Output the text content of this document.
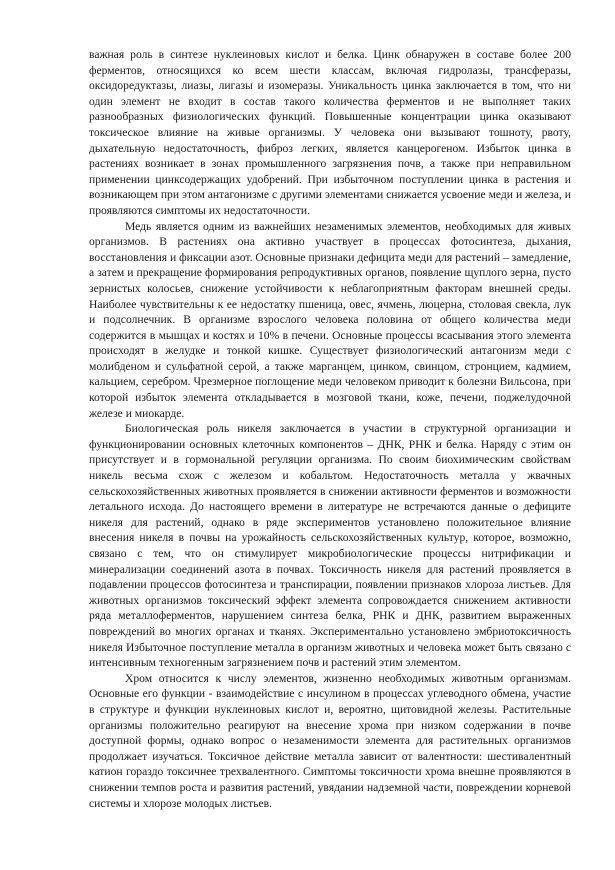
важная роль в синтезе нуклеиновых кислот и белка. Цинк обнаружен в составе более 200 ферментов, относящихся ко всем шести классам, включая гидролазы, трансферазы, оксидоредуктазы, лиазы, лигазы и изомеразы. Уникальность цинка заключается в том, что ни один элемент не входит в состав такого количества ферментов и не выполняет таких разнообразных физиологических функций. Повышенные концентрации цинка оказывают токсическое влияние на живые организмы. У человека они вызывают тошноту, рвоту, дыхательную недостаточность, фиброз легких, является канцерогеном. Избыток цинка в растениях возникает в зонах промышленного загрязнения почв, а также при неправильном применении цинксодержащих удобрений. При избыточном поступлении цинка в растения и возникающем при этом антагонизме с другими элементами снижается усвоение меди и железа, и проявляются симптомы их недостаточности.

Медь является одним из важнейших незаменимых элементов, необходимых для живых организмов. В растениях она активно участвует в процессах фотосинтеза, дыхания, восстановления и фиксации азот. Основные признаки дефицита меди для растений – замедление, а затем и прекращение формирования репродуктивных органов, появление щуплого зерна, пусто зернистых колосьев, снижение устойчивости к неблагоприятным факторам внешней среды. Наиболее чувствительны к ее недостатку пшеница, овес, ячмень, люцерна, столовая свекла, лук и подсолнечник. В организме взрослого человека половина от общего количества меди содержится в мышцах и костях и 10% в печени. Основные процессы всасывания этого элемента происходят в желудке и тонкой кишке. Существует физиологический антагонизм меди с молибденом и сульфатной серой, а также марганцем, цинком, свинцом, стронцием, кадмием, кальцием, серебром. Чрезмерное поглощение меди человеком приводит к болезни Вильсона, при которой избыток элемента откладывается в мозговой ткани, коже, печени, поджелудочной железе и миокарде.

Биологическая роль никеля заключается в участии в структурной организации и функционировании основных клеточных компонентов – ДНК, РНК и белка. Наряду с этим он присутствует и в гормональной регуляции организма. По своим биохимическим свойствам никель весьма схож с железом и кобальтом. Недостаточность металла у жвачных сельскохозяйственных животных проявляется в снижении активности ферментов и возможности летального исхода. До настоящего времени в литературе не встречаются данные о дефиците никеля для растений, однако в ряде экспериментов установлено положительное влияние внесения никеля в почвы на урожайность сельскохозяйственных культур, которое, возможно, связано с тем, что он стимулирует микробиологические процессы нитрификации и минерализации соединений азота в почвах. Токсичность никеля для растений проявляется в подавлении процессов фотосинтеза и транспирации, появлении признаков хлороза листьев. Для животных организмов токсический эффект элемента сопровождается снижением активности ряда металлоферментов, нарушением синтеза белка, РНК и ДНК, развитием выраженных повреждений во многих органах и тканях. Экспериментально установлено эмбриотоксичность никеля Избыточное поступление металла в организм животных и человека может быть связано с интенсивным техногенным загрязнением почв и растений этим элементом.

Хром относится к числу элементов, жизненно необходимых животным организмам. Основные его функции - взаимодействие с инсулином в процессах углеводного обмена, участие в структуре и функции нуклеиновых кислот и, вероятно, щитовидной железы. Растительные организмы положительно реагируют на внесение хрома при низком содержании в почве доступной формы, однако вопрос о незаменимости элемента для растительных организмов продолжает изучаться. Токсичное действие металла зависит от валентности: шестивалентный катион гораздо токсичнее трехвалентного. Симптомы токсичности хрома внешне проявляются в снижении темпов роста и развития растений, увядании надземной части, повреждении корневой системы и хлорозе молодых листьев.
